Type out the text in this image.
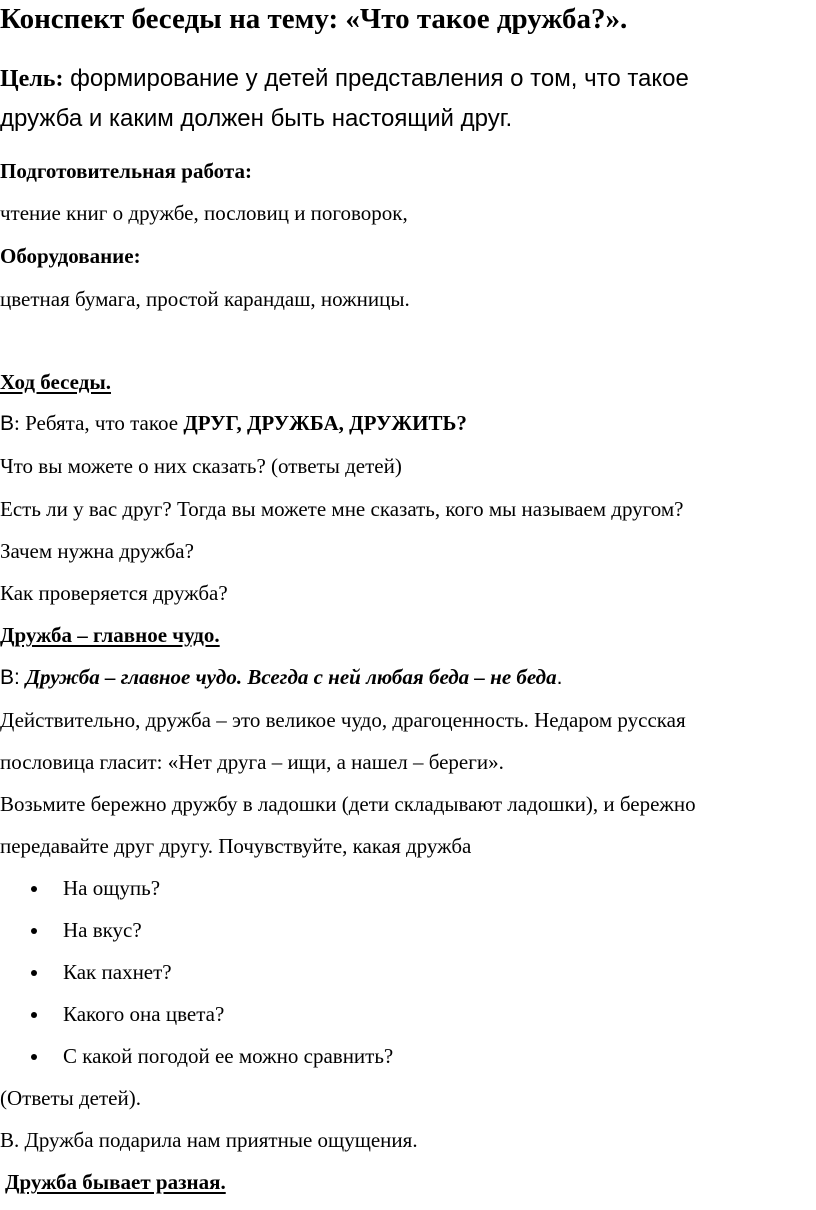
Конспект беседы на тему: «Что такое дружба?».
Цель: формирование у детей представления о том, что такое
дружба и каким должен быть настоящий друг.
Подготовительная работа:
чтение книг о дружбе, пословиц и поговорок,
Оборудование:
цветная бумага, простой карандаш, ножницы.
Ход беседы.
В: Ребята, что такое ДРУГ, ДРУЖБА, ДРУЖИТЬ?
Что вы можете о них сказать? (ответы детей)
Есть ли у вас друг? Тогда вы можете мне сказать, кого мы называем другом?
Зачем нужна дружба?
Как проверяется дружба?
Дружба – главное чудо.
В: Дружба – главное чудо. Всегда с ней любая беда – не беда.
Действительно, дружба – это великое чудо, драгоценность. Недаром русская
пословица гласит: «Нет друга – ищи, а нашел – береги».
Возьмите бережно дружбу в ладошки (дети складывают ладошки), и бережно
передавайте друг другу. Почувствуйте, какая дружба
На ощупь?
На вкус?
Как пахнет?
Какого она цвета?
С какой погодой ее можно сравнить?
(Ответы детей).
В. Дружба подарила нам приятные ощущения.
Дружба бывает разная.
